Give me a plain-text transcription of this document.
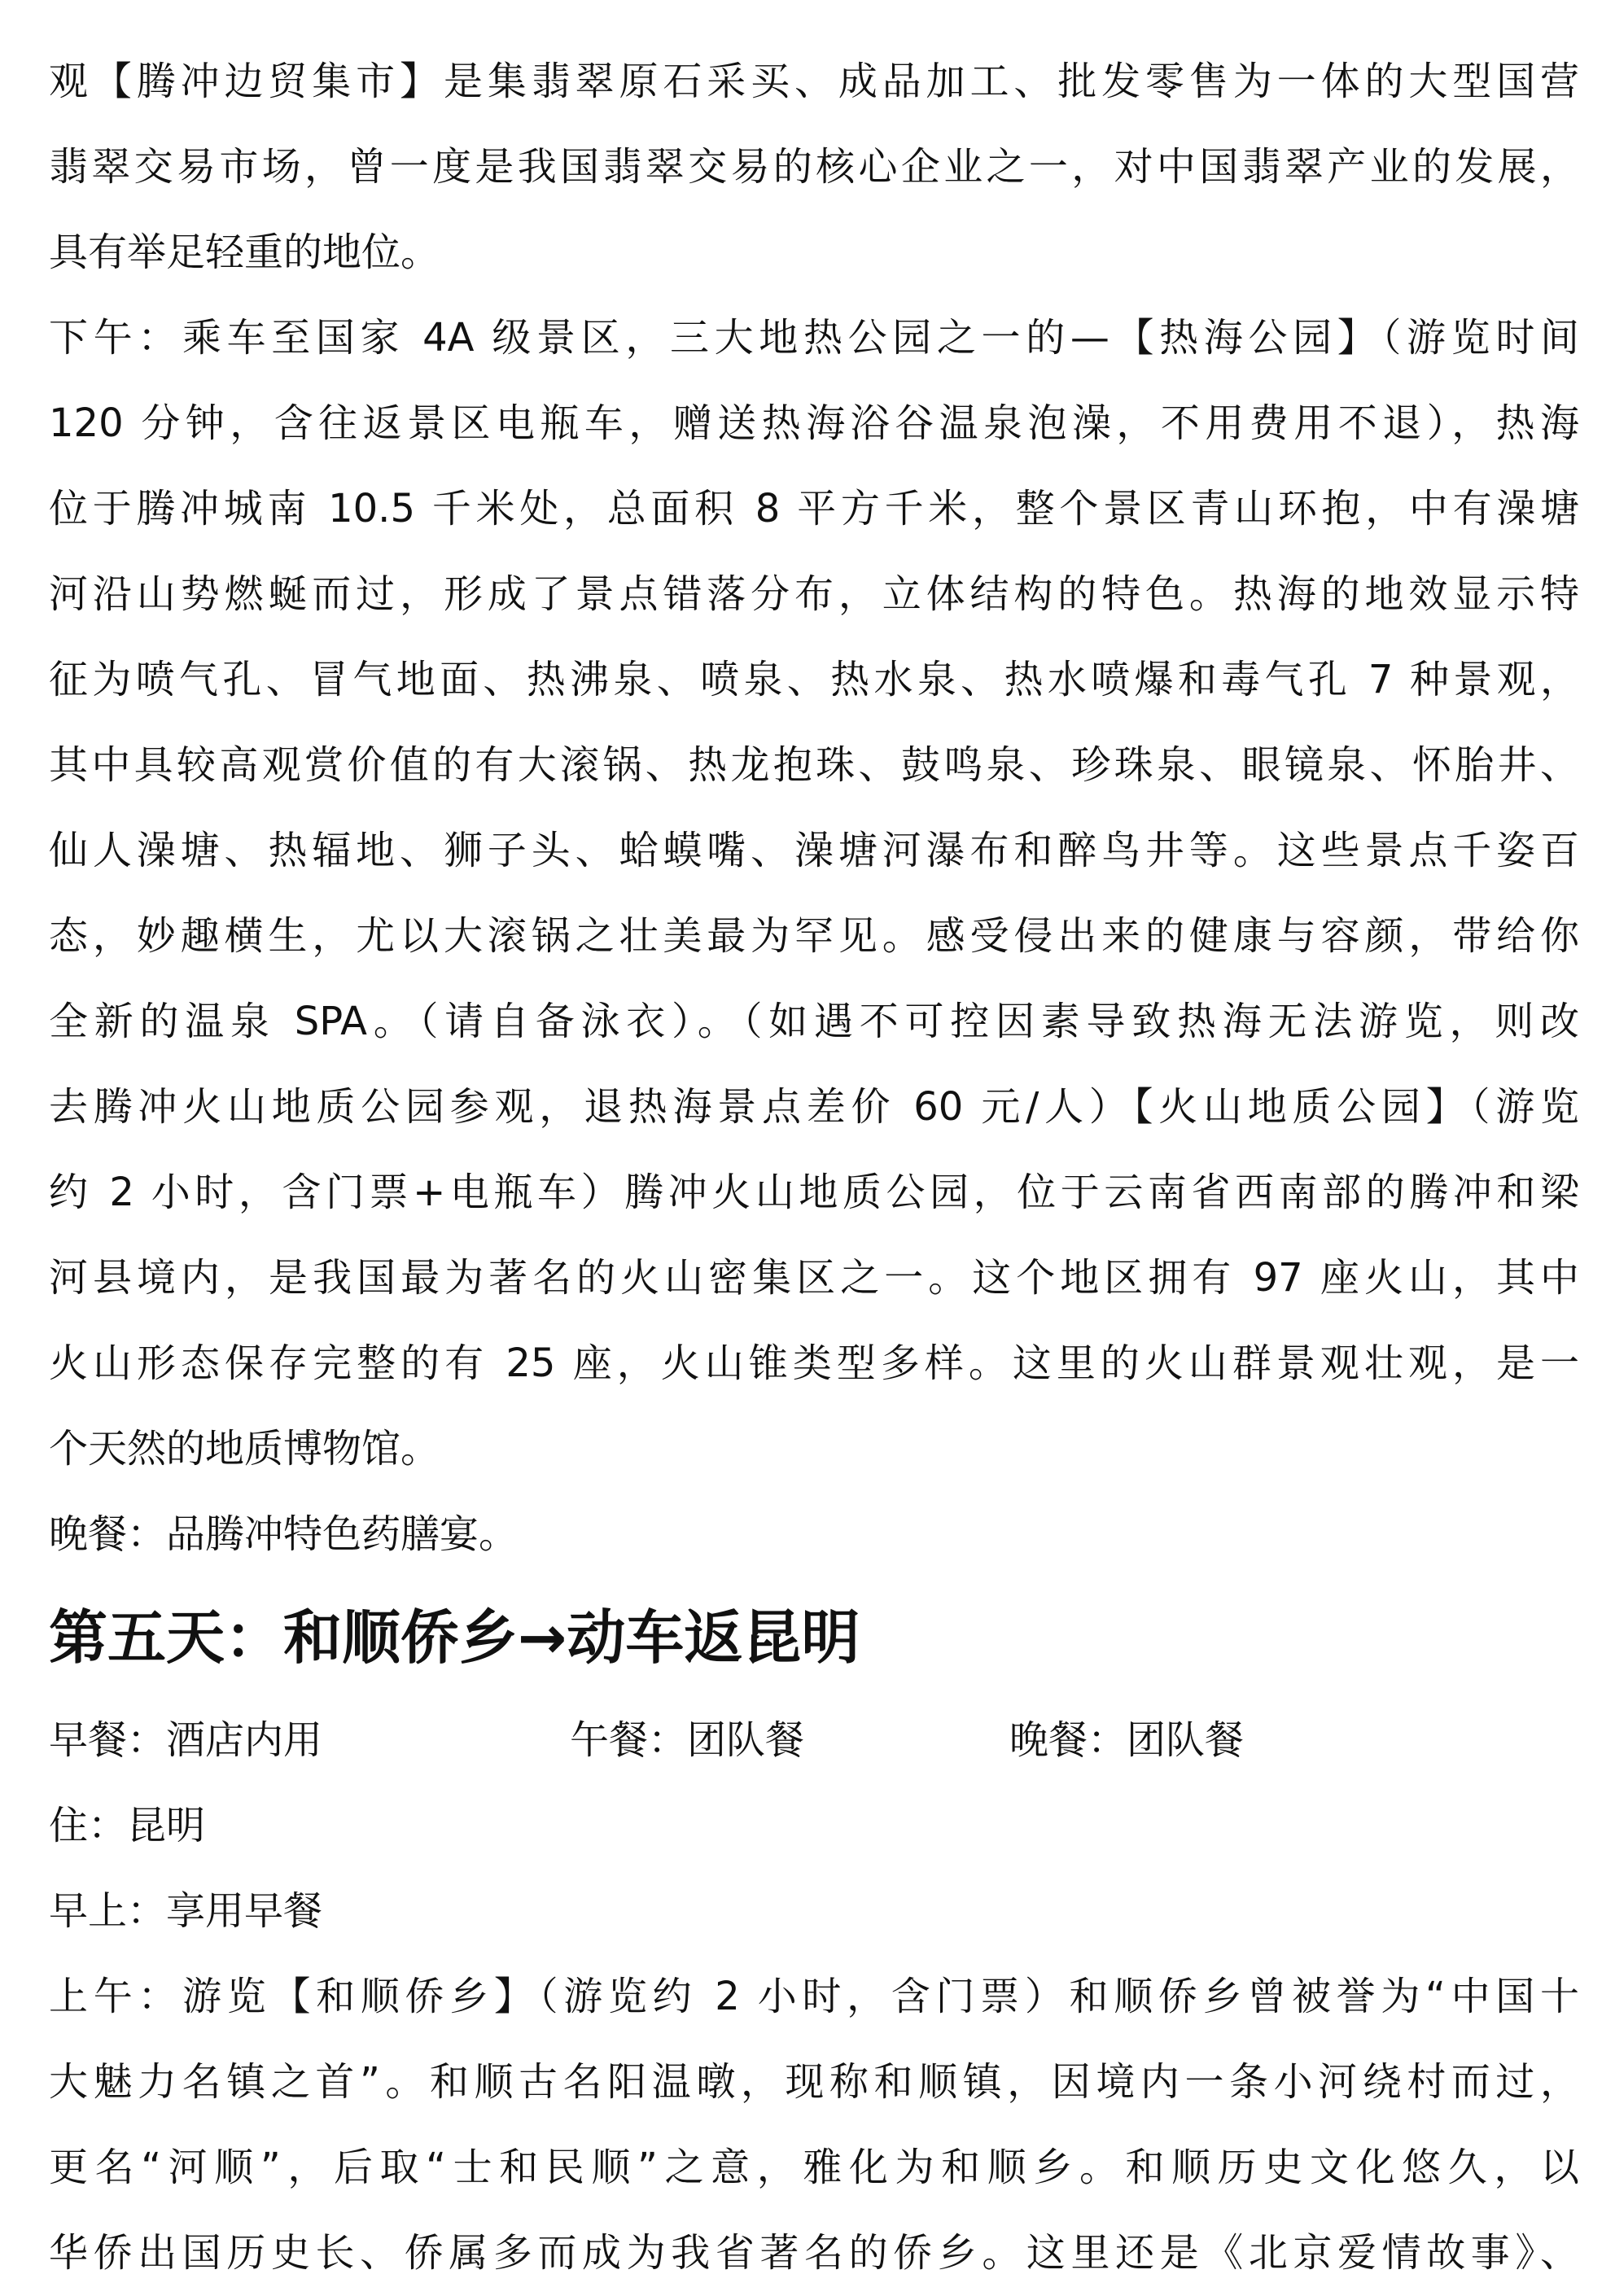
观【腾冲边贸集市】是集翡翠原石采买、成品加工、批发零售为一体的大型国营
翡翠交易市场，曾一度是我国翡翠交易的核心企业之一，对中国翡翠产业的发展，
具有举足轻重的地位。
下午：乘车至国家 4A 级景区，三大地热公园之一的—【热海公园】（游览时间
120 分钟，含往返景区电瓶车，赠送热海浴谷温泉泡澡，不用费用不退），热海
位于腾冲城南 10.5 千米处，总面积 8 平方千米，整个景区青山环抱，中有澡塘
河沿山势燃蜒而过，形成了景点错落分布，立体结构的特色。热海的地效显示特
征为喷气孔、冒气地面、热沸泉、喷泉、热水泉、热水喷爆和毒气孔 7 种景观，
其中具较高观赏价值的有大滚锅、热龙抱珠、鼓鸣泉、珍珠泉、眼镜泉、怀胎井、
仙人澡塘、热辐地、狮子头、蛤蟆嘴、澡塘河瀑布和醉鸟井等。这些景点千姿百
态，妙趣横生，尤以大滚锅之壮美最为罕见。感受侵出来的健康与容颜，带给你
全新的温泉 SPA。（请自备泳衣）。（如遇不可控因素导致热海无法游览，则改
去腾冲火山地质公园参观，退热海景点差价 60 元/人）【火山地质公园】（游览
约 2 小时，含门票+电瓶车）腾冲火山地质公园，位于云南省西南部的腾冲和梁
河县境内，是我国最为著名的火山密集区之一。这个地区拥有 97 座火山，其中
火山形态保存完整的有 25 座，火山锥类型多样。这里的火山群景观壮观，是一
个天然的地质博物馆。
晚餐：品腾冲特色药膳宴。
第五天：和顺侨乡→动车返昆明
早餐：酒店内用	午餐：团队餐	晚餐：团队餐
住：昆明
早上：享用早餐
上午：游览【和顺侨乡】（游览约 2 小时，含门票）和顺侨乡曾被誉为“中国十
大魅力名镇之首”。和顺古名阳温暾，现称和顺镇，因境内一条小河绕村而过，
更名“河顺”，后取“士和民顺”之意，雅化为和顺乡。和顺历史文化悠久，以
华侨出国历史长、侨属多而成为我省著名的侨乡。这里还是《北京爱情故事》、
